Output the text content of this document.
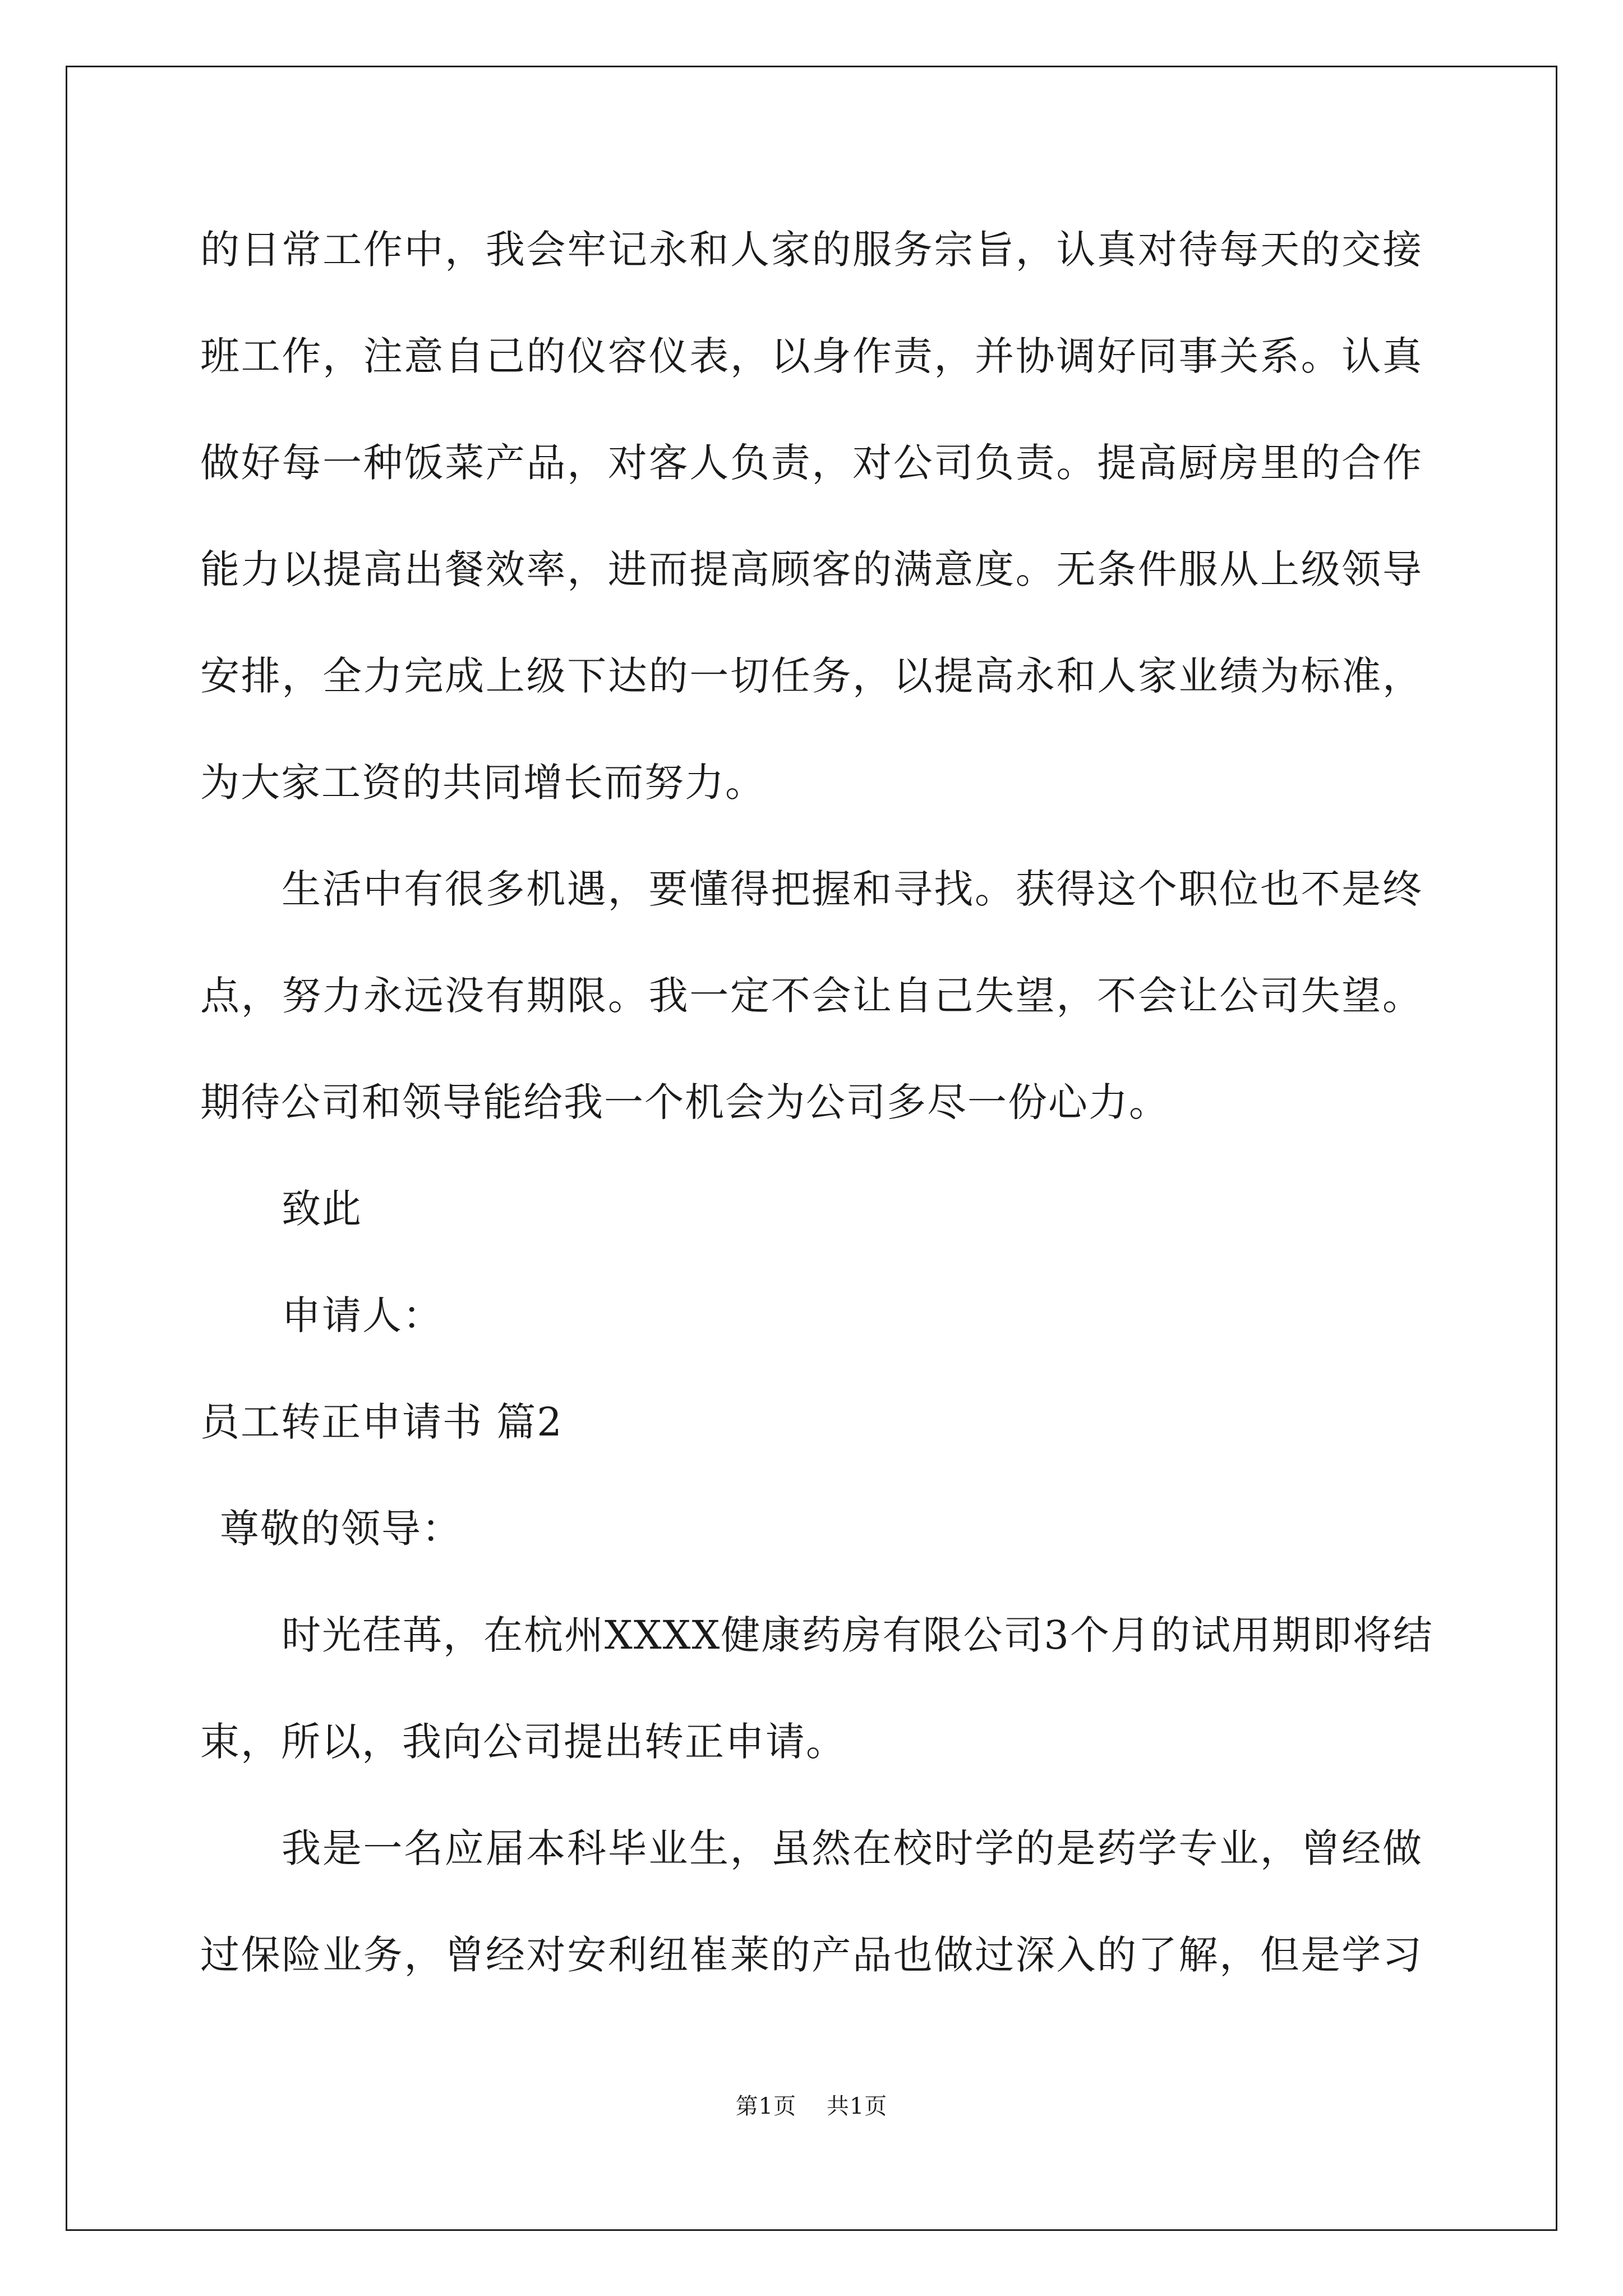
的日常工作中，我会牢记永和人家的服务宗旨，认真对待每天的交接
班工作，注意自己的仪容仪表，以身作责，并协调好同事关系。认真
做好每一种饭菜产品，对客人负责，对公司负责。提高厨房里的合作
能力以提高出餐效率，进而提高顾客的满意度。无条件服从上级领导
安排，全力完成上级下达的一切任务，以提高永和人家业绩为标准，
为大家工资的共同增长而努力。
生活中有很多机遇，要懂得把握和寻找。获得这个职位也不是终
点，努力永远没有期限。我一定不会让自己失望，不会让公司失望。
期待公司和领导能给我一个机会为公司多尽一份心力。
致此
申请人：
员工转正申请书 篇2
尊敬的领导：
时光荏苒，在杭州XXXX健康药房有限公司3个月的试用期即将结
束，所以，我向公司提出转正申请。
我是一名应届本科毕业生，虽然在校时学的是药学专业，曾经做
过保险业务，曾经对安利纽崔莱的产品也做过深入的了解，但是学习
第1页 共1页
